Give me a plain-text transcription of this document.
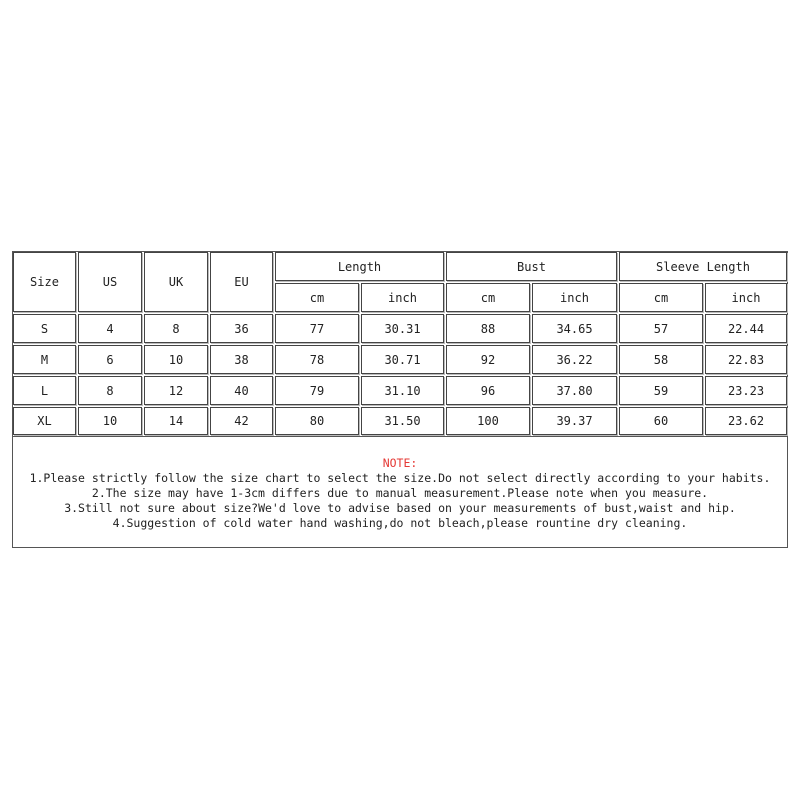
Size	US	UK	EU
Length	Bust	Sleeve Length
cm	inch	cm	inch	cm	inch
S	4	8	36	77	30.31	88	34.65	57	22.44
M	6	10	38	78	30.71	92	36.22	58	22.83
L	8	12	40	79	31.10	96	37.80	59	23.23
XL	10	14	42	80	31.50	100	39.37	60	23.62
NOTE:
1.Please strictly follow the size chart to select the size.Do not select directly according to your habits.
2.The size may have 1-3cm differs due to manual measurement.Please note when you measure.
3.Still not sure about size?We'd love to advise based on your measurements of bust,waist and hip.
4.Suggestion of cold water hand washing,do not bleach,please rountine dry cleaning.
